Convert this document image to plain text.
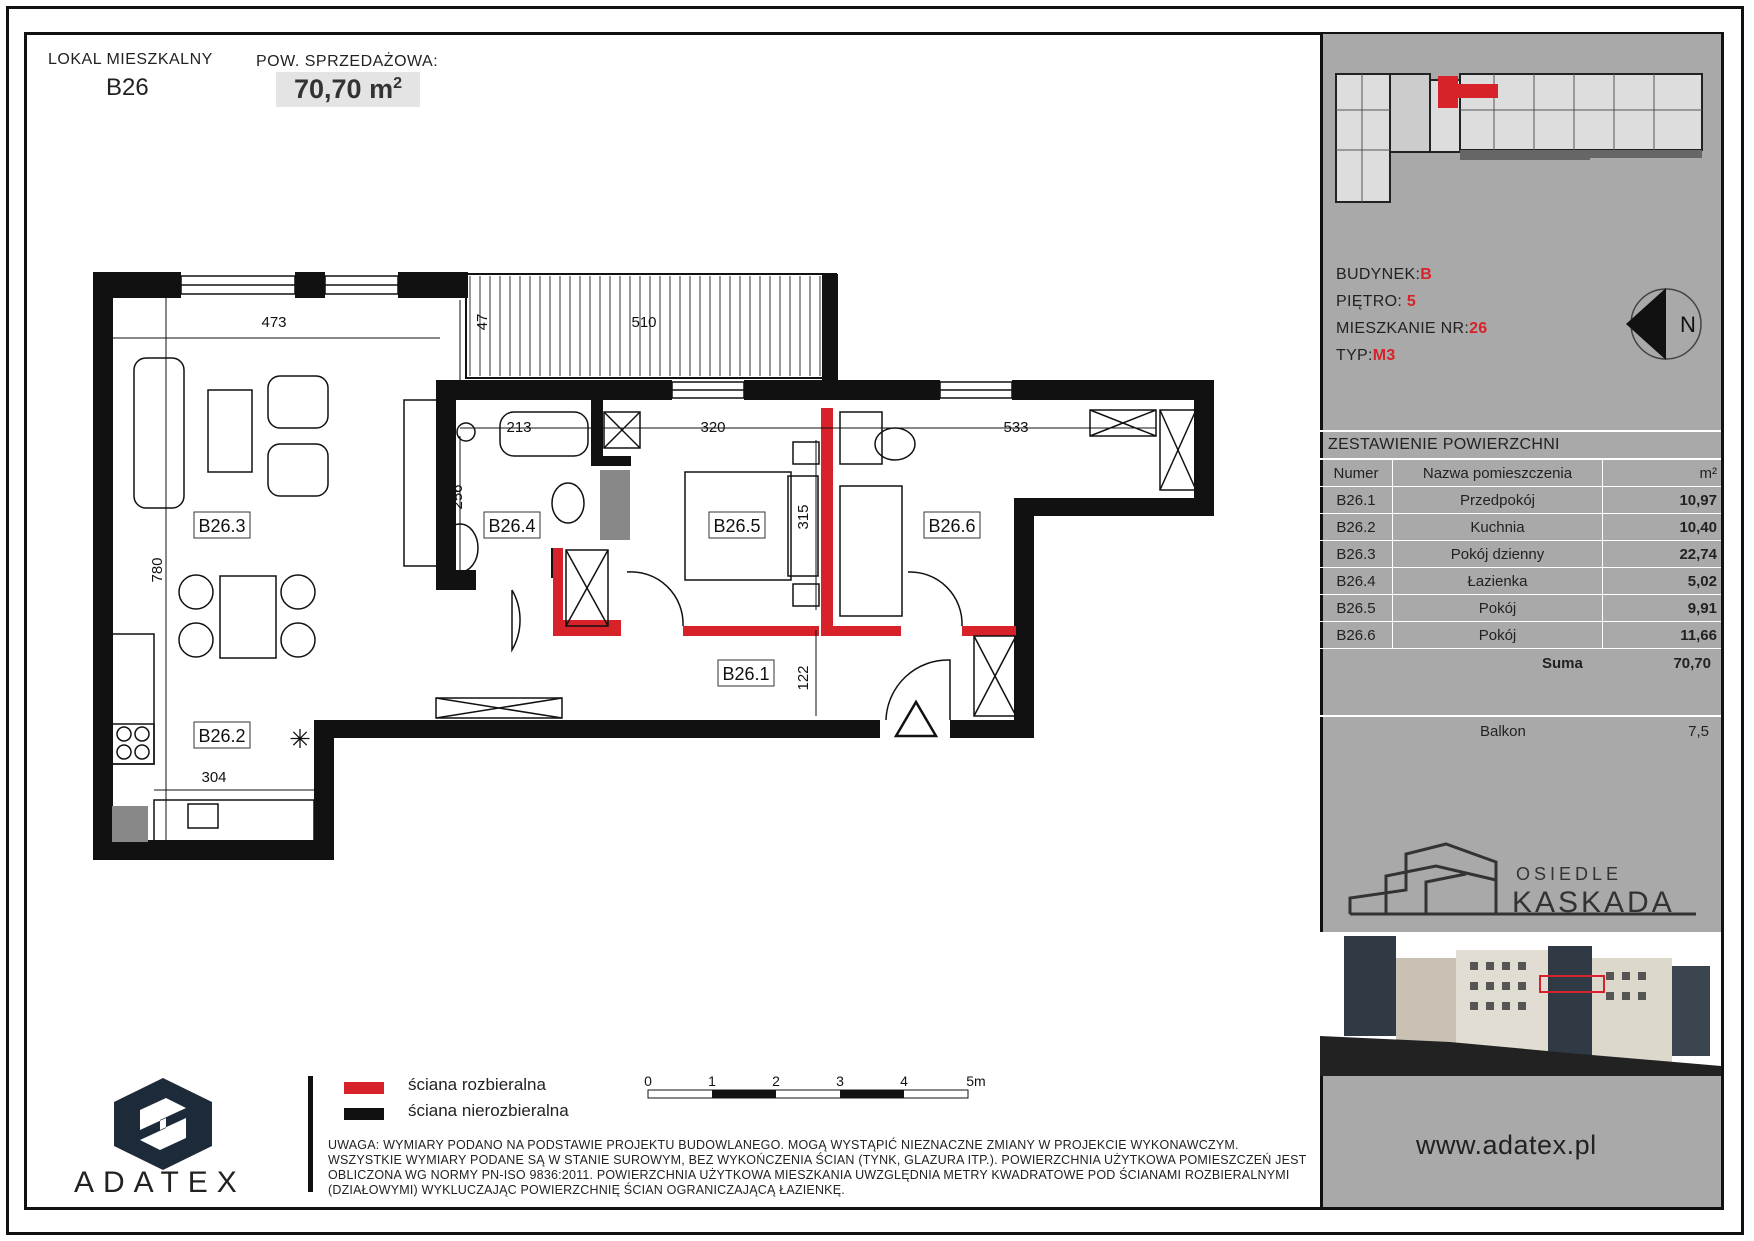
LOKAL MIESZKALNY
B26
POW. SPRZEDAŻOWA:
70,70 $m^2$
✳
B26.3	B26.4	B26.5	B26.6
B26.2
B26.1
473	47	510
213	320	533
256
315
780
122
304
BUDYNEK:B
PIĘTRO: 5
MIESZKANIE NR:26
TYP:M3
N
ZESTAWIENIE POWIERZCHNI
Numer	Nazwa pomieszczenia	m²
B26.1	Przedpokój	10,97
B26.2	Kuchnia	10,40
B26.3	Pokój dzienny	22,74
B26.4	Łazienka	5,02
B26.5	Pokój	9,91
B26.6	Pokój	11,66
Suma	70,70
Balkon	7,5
OSIEDLE
KASKADA
www.adatex.pl
ADATEX
ściana rozbieralna
ściana nierozbieralna
0	1	2	3	4	5m
UWAGA: WYMIARY PODANO NA PODSTAWIE PROJEKTU BUDOWLANEGO. MOGĄ WYSTĄPIĆ NIEZNACZNE ZMIANY W PROJEKCIE WYKONAWCZYM. WSZYSTKIE WYMIARY PODANE SĄ W STANIE SUROWYM, BEZ WYKOŃCZENIA ŚCIAN (TYNK, GLAZURA ITP.). POWIERZCHNIA UŻYTKOWA POMIESZCZEŃ JEST OBLICZONA WG NORMY PN-ISO 9836:2011. POWIERZCHNIA UŻYTKOWA MIESZKANIA UWZGLĘDNIA METRY KWADRATOWE POD ŚCIANAMI ROZBIERALNYMI (DZIAŁOWYMI) WYKLUCZAJĄC POWIERZCHNIĘ ŚCIAN OGRANICZAJĄCĄ ŁAZIENKĘ.
